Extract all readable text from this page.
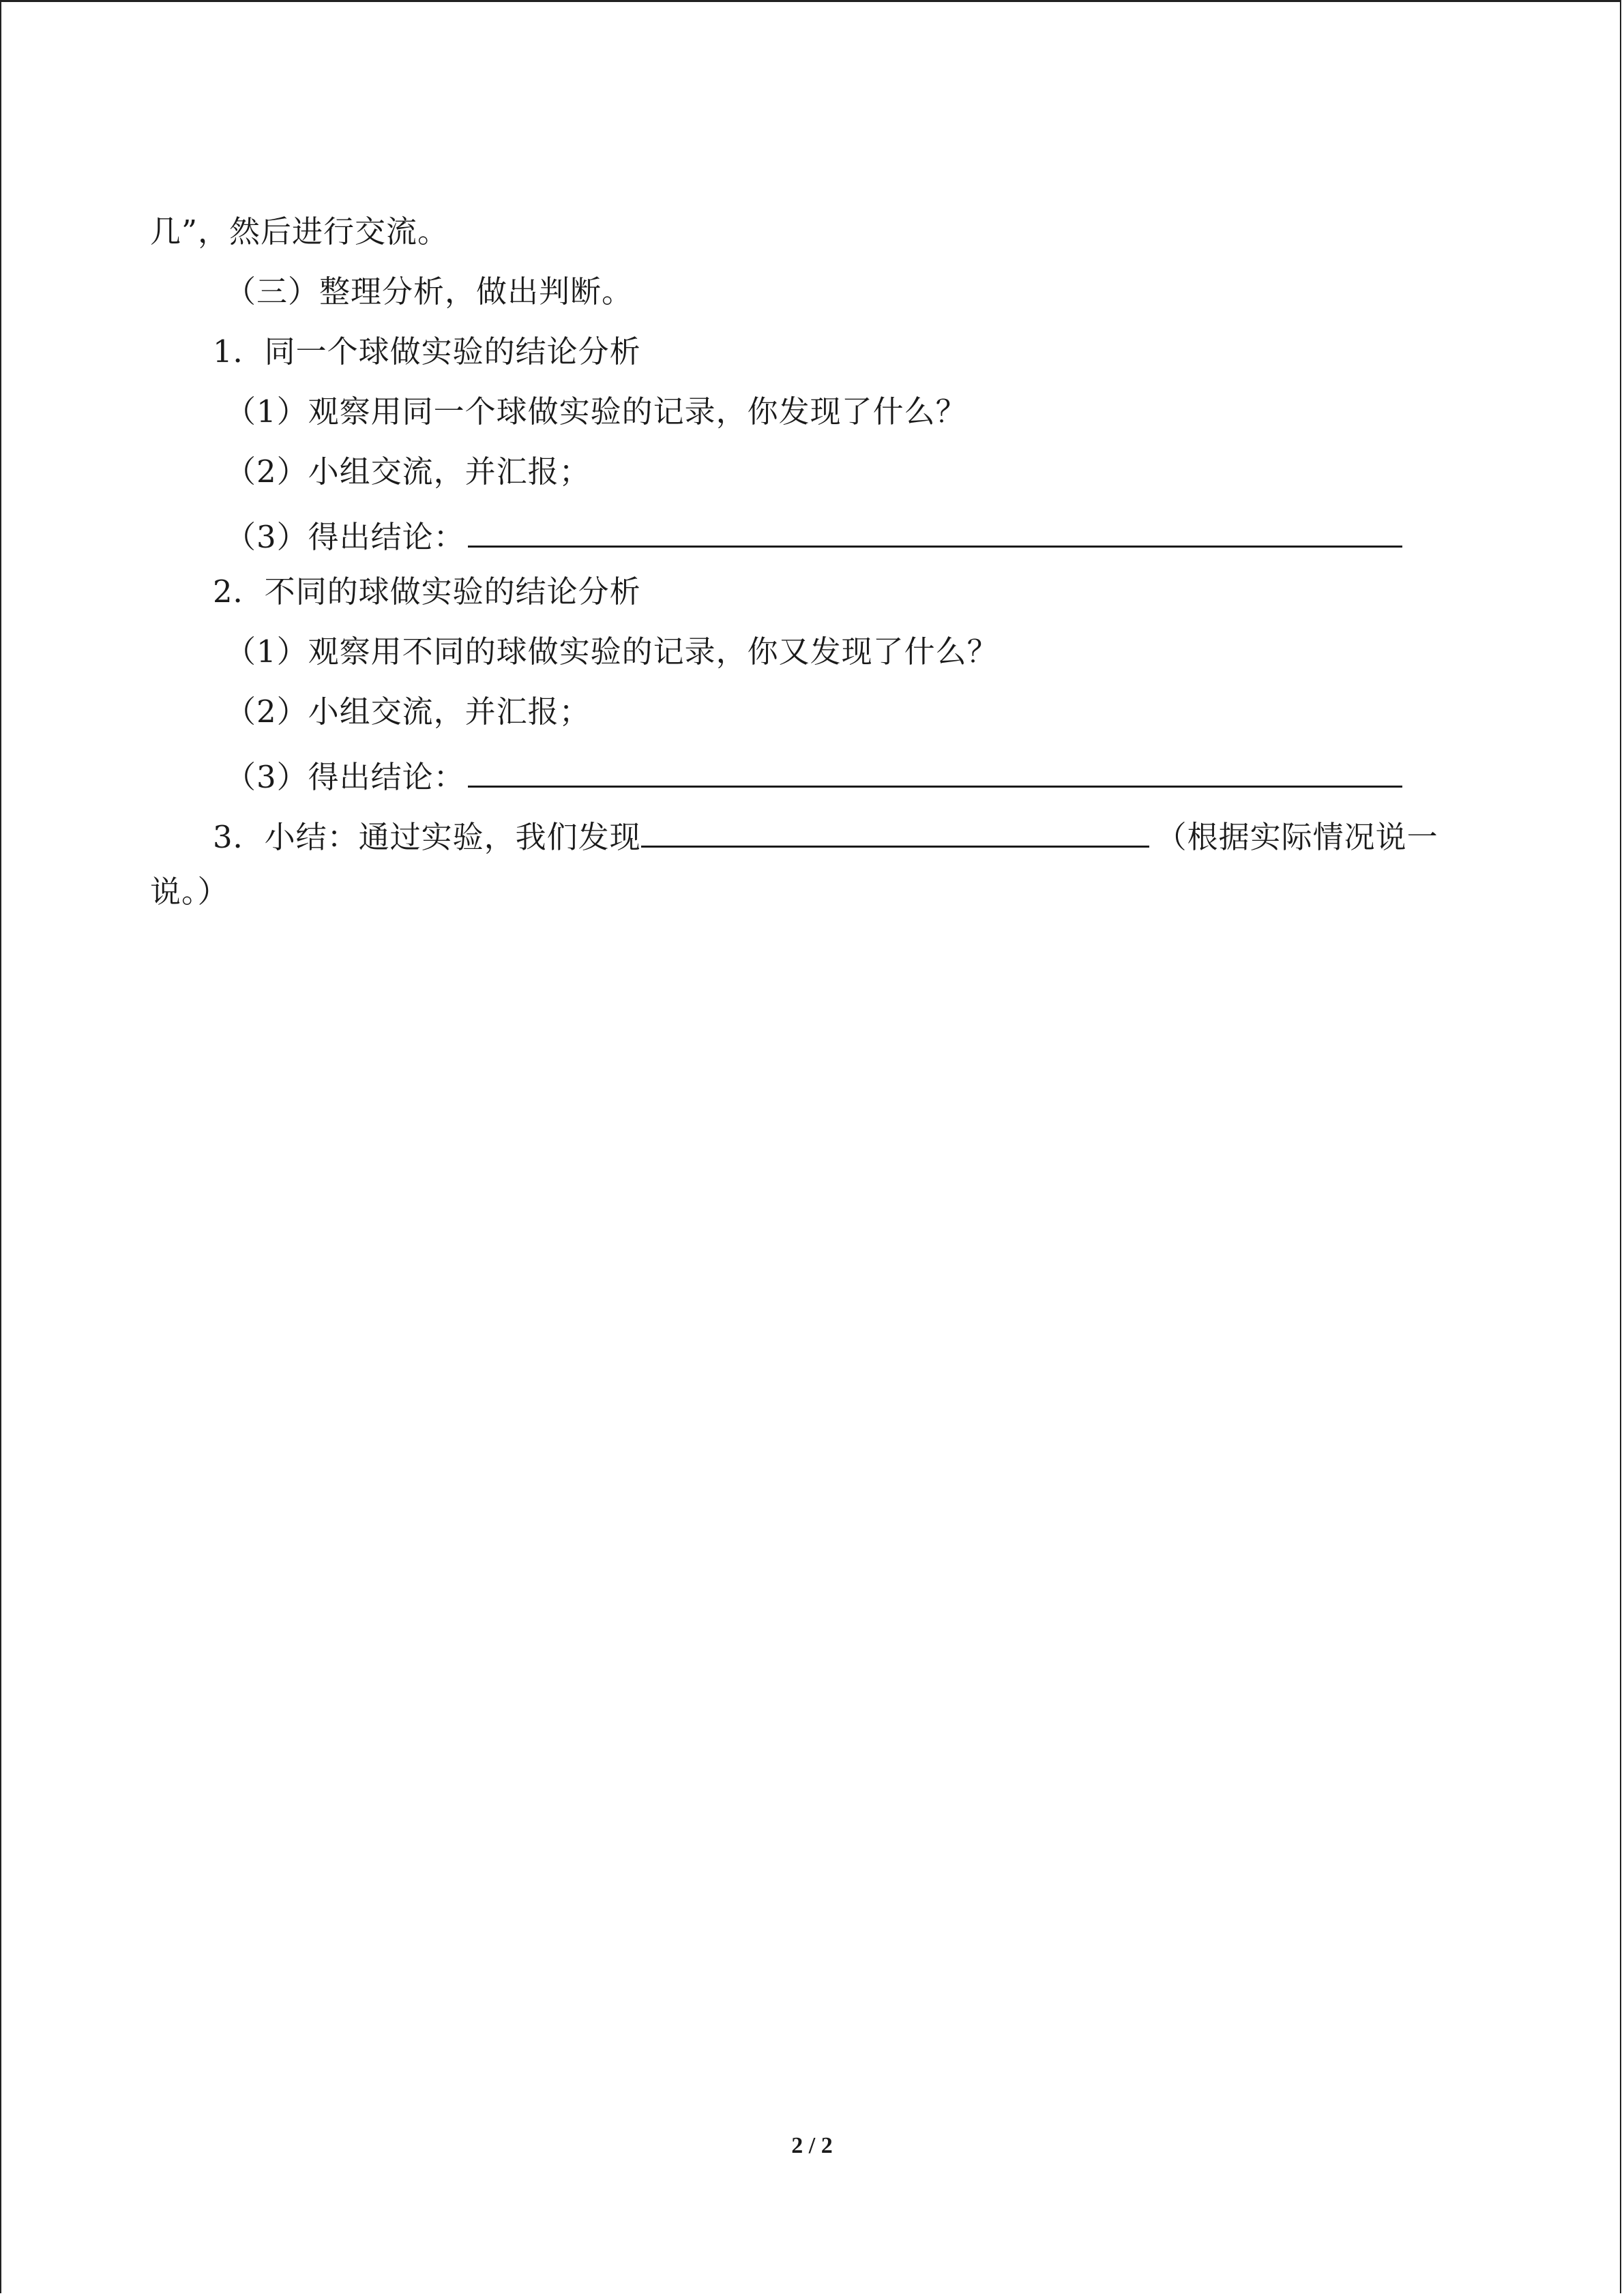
几”，然后进行交流。
（三）整理分析，做出判断。
1．同一个球做实验的结论分析
（1）观察用同一个球做实验的记录，你发现了什么？
（2）小组交流，并汇报；
（3）得出结论：
2．不同的球做实验的结论分析
（1）观察用不同的球做实验的记录，你又发现了什么？
（2）小组交流，并汇报；
（3）得出结论：
3．小结：通过实验，我们发现	（根据实际情况说一
说。）
2 / 2
